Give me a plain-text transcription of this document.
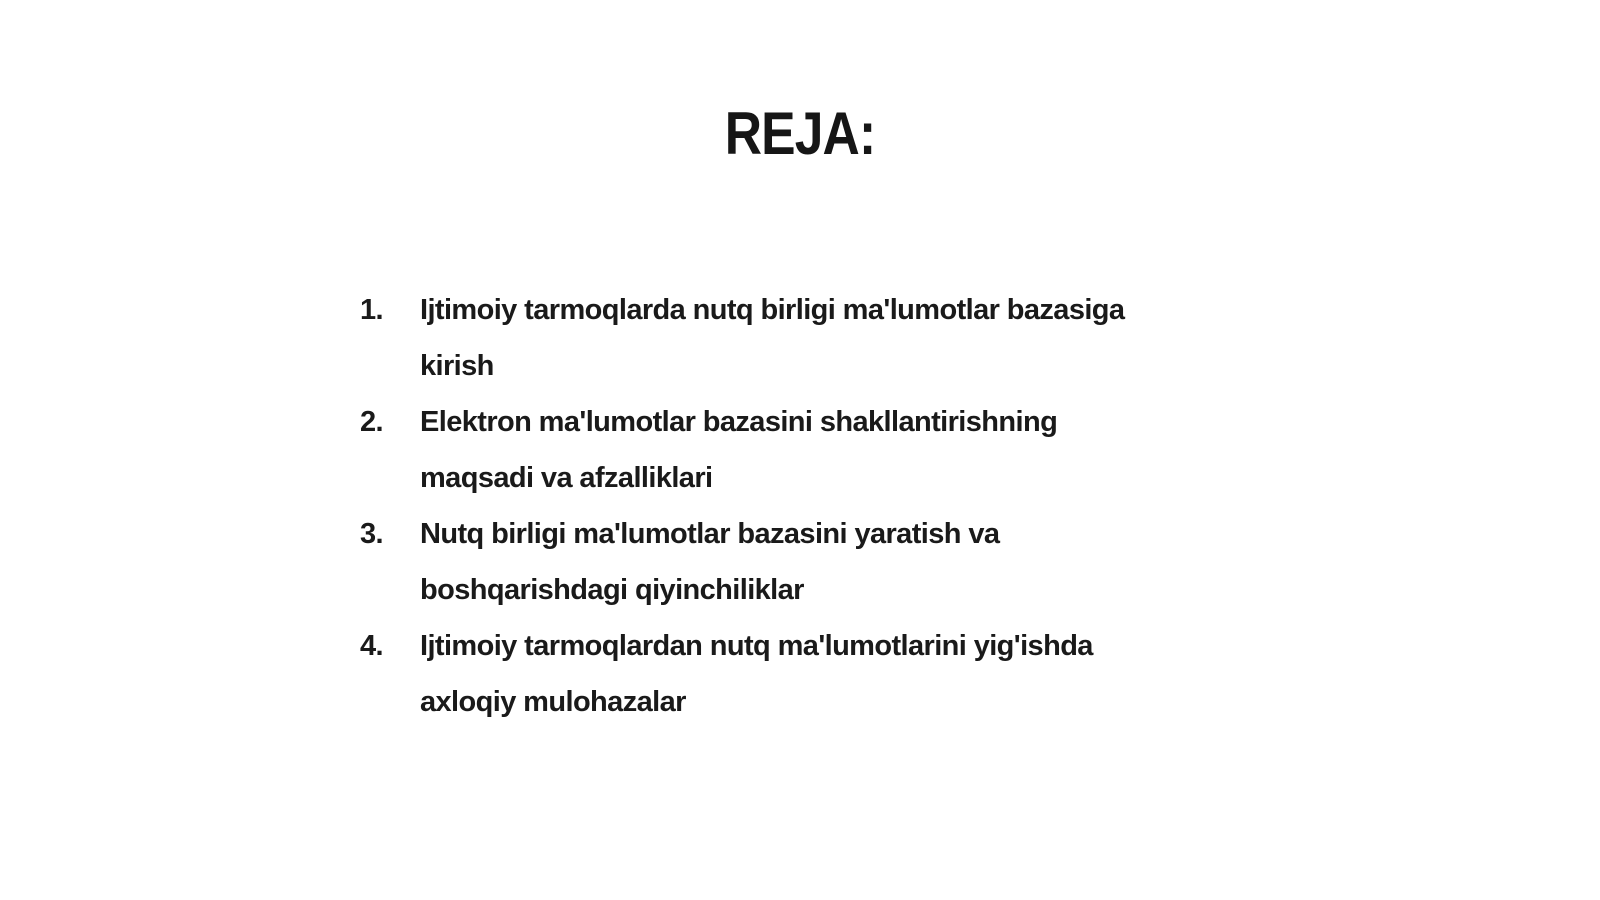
REJA:
1.	Ijtimoiy tarmoqlarda nutq birligi ma'lumotlar bazasiga kirish
2.	Elektron ma'lumotlar bazasini shakllantirishning maqsadi va afzalliklari
3.	Nutq birligi ma'lumotlar bazasini yaratish va boshqarishdagi qiyinchiliklar
4.	Ijtimoiy tarmoqlardan nutq ma'lumotlarini yig'ishda axloqiy mulohazalar
